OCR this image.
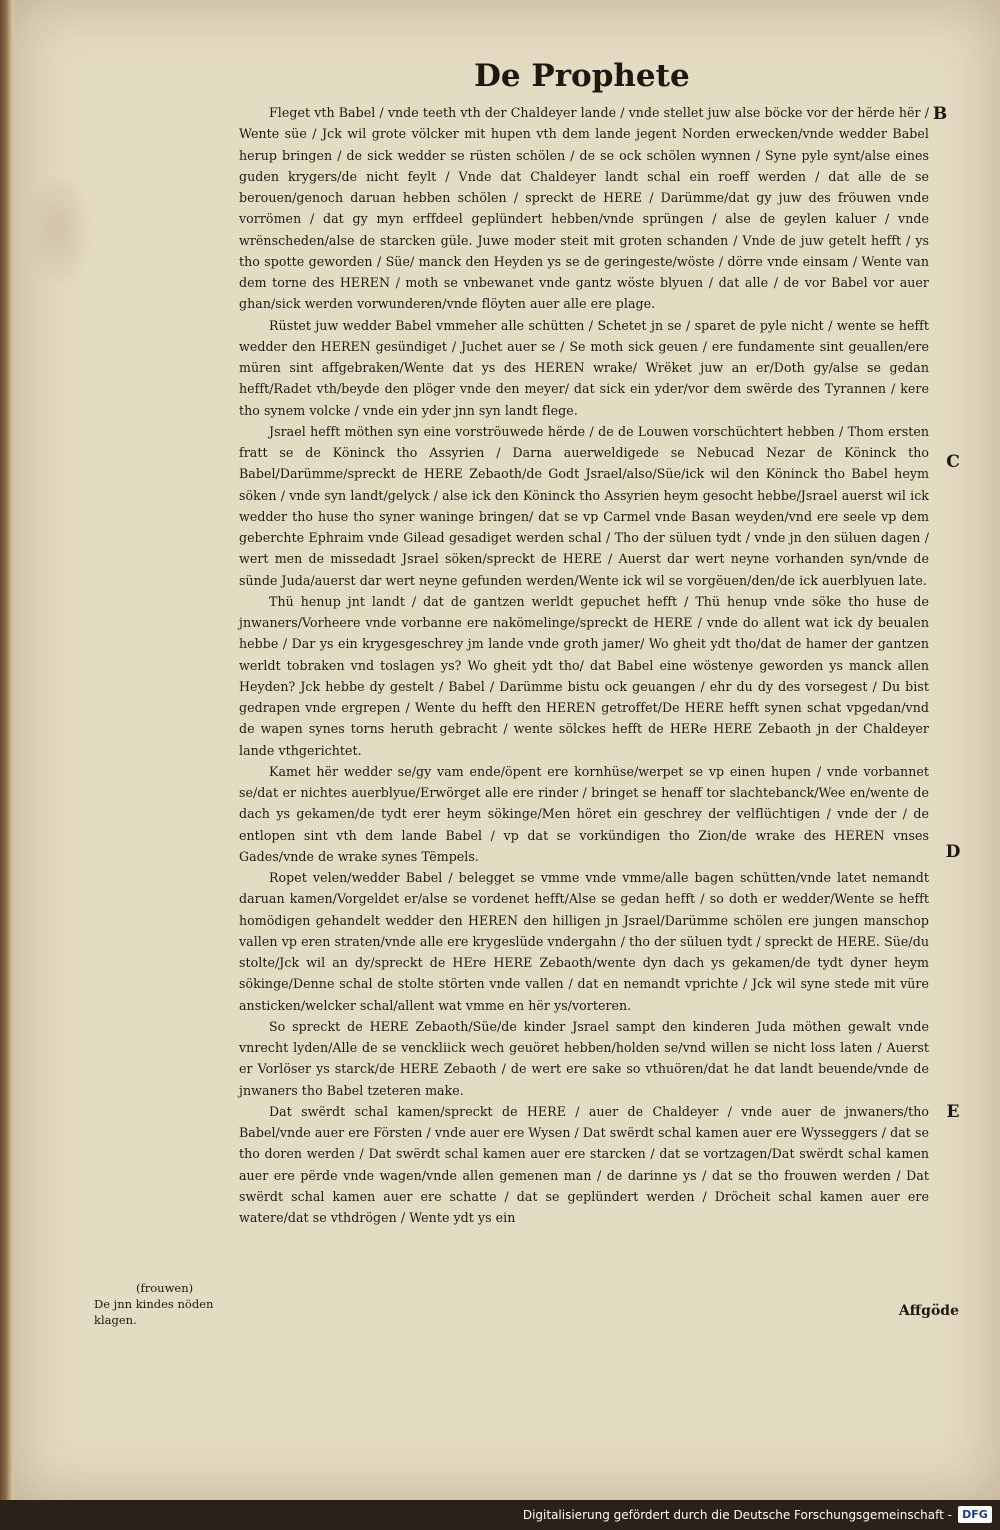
De Prophete

Fleget vth Babel / vnde teeth vth der Chaldeyer lande / vnde stellet juw alse böcke vor der hërde hër / Wente süe / Jck wil grote völcker mit hupen vth dem lande jegent Norden erwecken/vnde wedder Babel herup bringen / de sick wedder se rüsten schölen / de se ock schölen wynnen / Syne pyle synt/alse eines guden krygers/de nicht feylt / Vnde dat Chaldeyer landt schal ein roeff werden / dat alle de se berouen/genoch daruan hebben schölen / spreckt de HERE / Darümme/dat gy juw des fröuwen vnde vorrömen / dat gy myn erffdeel geplündert hebben/vnde sprüngen / alse de geylen kaluer / vnde wrënscheden/alse de starcken güle. Juwe moder steit mit groten schanden / Vnde de juw getelt hefft / ys tho spotte geworden / Süe/ manck den Heyden ys se de geringeste/wöste / dörre vnde einsam / Wente van dem torne des HEREN / moth se vnbewanet vnde gantz wöste blyuen / dat alle / de vor Babel vor auer ghan/sick werden vorwunderen/vnde flöyten auer alle ere plage.

Rüstet juw wedder Babel vmmeher alle schütten / Schetet jn se / sparet de pyle nicht / wente se hefft wedder den HEREN gesündiget / Juchet auer se / Se moth sick geuen / ere fundamente sint geuallen/ere müren sint affgebraken/Wente dat ys des HEREN wrake/ Wrëket juw an er/Doth gy/alse se gedan hefft/Radet vth/beyde den plöger vnde den meyer/ dat sick ein yder/vor dem swërde des Tyrannen / kere tho synem volcke / vnde ein yder jnn syn landt flege.

Jsrael hefft möthen syn eine vorströuwede hërde / de de Louwen vorschüchtert hebben / Thom ersten fratt se de Köninck tho Assyrien / Darna auerweldigede se Nebucad Nezar de Köninck tho Babel/Darümme/spreckt de HERE Zebaoth/de Godt Jsrael/also/Süe/ick wil den Köninck tho Babel heym söken / vnde syn landt/gelyck / alse ick den Köninck tho Assyrien heym gesocht hebbe/Jsrael auerst wil ick wedder tho huse tho syner waninge bringen/ dat se vp Carmel vnde Basan weyden/vnd ere seele vp dem geberchte Ephraim vnde Gilead gesadiget werden schal / Tho der süluen tydt / vnde jn den süluen dagen / wert men de missedadt Jsrael söken/spreckt de HERE / Auerst dar wert neyne vorhanden syn/vnde de sünde Juda/auerst dar wert neyne gefunden werden/Wente ick wil se vorgëuen/den/de ick auerblyuen late.

Thü henup jnt landt / dat de gantzen werldt gepuchet hefft / Thü henup vnde söke tho huse de jnwaners/Vorheere vnde vorbanne ere nakömelinge/spreckt de HERE / vnde do allent wat ick dy beualen hebbe / Dar ys ein krygesgeschrey jm lande vnde groth jamer/ Wo gheit ydt tho/dat de hamer der gantzen werldt tobraken vnd toslagen ys? Wo gheit ydt tho/ dat Babel eine wöstenye geworden ys manck allen Heyden? Jck hebbe dy gestelt / Babel / Darümme bistu ock geuangen / ehr du dy des vorsegest / Du bist gedrapen vnde ergrepen / Wente du hefft den HEREN getroffet/De HERE hefft synen schat vpgedan/vnd de wapen synes torns heruth gebracht / wente sölckes hefft de HERe HERE Zebaoth jn der Chaldeyer lande vthgerichtet.

Kamet hër wedder se/gy vam ende/öpent ere kornhüse/werpet se vp einen hupen / vnde vorbannet se/dat er nichtes auerblyue/Erwörget alle ere rinder / bringet se henaff tor slachtebanck/Wee en/wente de dach ys gekamen/de tydt erer heym sökinge/Men höret ein geschrey der velflüchtigen / vnde der / de entlopen sint vth dem lande Babel / vp dat se vorkündigen tho Zion/de wrake des HEREN vnses Gades/vnde de wrake synes Tëmpels.

Ropet velen/wedder Babel / belegget se vmme vnde vmme/alle bagen schütten/vnde latet nemandt daruan kamen/Vorgeldet er/alse se vordenet hefft/Alse se gedan hefft / so doth er wedder/Wente se hefft homödigen gehandelt wedder den HEREN den hilligen jn Jsrael/Darümme schölen ere jungen manschop vallen vp eren straten/vnde alle ere krygeslüde vndergahn / tho der süluen tydt / spreckt de HERE. Süe/du stolte/Jck wil an dy/spreckt de HEre HERE Zebaoth/wente dyn dach ys gekamen/de tydt dyner heym sökinge/Denne schal de stolte störten vnde vallen / dat en nemandt vprichte / Jck wil syne stede mit vüre ansticken/welcker schal/allent wat vmme en hër ys/vorteren.

So spreckt de HERE Zebaoth/Süe/de kinder Jsrael sampt den kinderen Juda möthen gewalt vnde vnrecht lyden/Alle de se venckliick wech geuöret hebben/holden se/vnd willen se nicht loss laten / Auerst er Vorlöser ys starck/de HERE Zebaoth / de wert ere sake so vthuören/dat he dat landt beuende/vnde de jnwaners tho Babel tzeteren make.

Dat swërdt schal kamen/spreckt de HERE / auer de Chaldeyer / vnde auer de jnwaners/tho Babel/vnde auer ere Försten / vnde auer ere Wysen / Dat swërdt schal kamen auer ere Wysseggers / dat se tho doren werden / Dat swërdt schal kamen auer ere starcken / dat se vortzagen/Dat swërdt schal kamen auer ere përde vnde wagen/vnde allen gemenen man / de darinne ys / dat se tho frouwen werden / Dat swërdt schal kamen auer ere schatte / dat se geplündert werden / Dröcheit schal kamen auer ere watere/dat se vthdrögen / Wente ydt ys ein

B
C
D
E
(frouwen)
De jnn kindes nöden klagen.
Affgöde
Digitalisierung gefördert durch die Deutsche Forschungsgemeinschaft - DFG
